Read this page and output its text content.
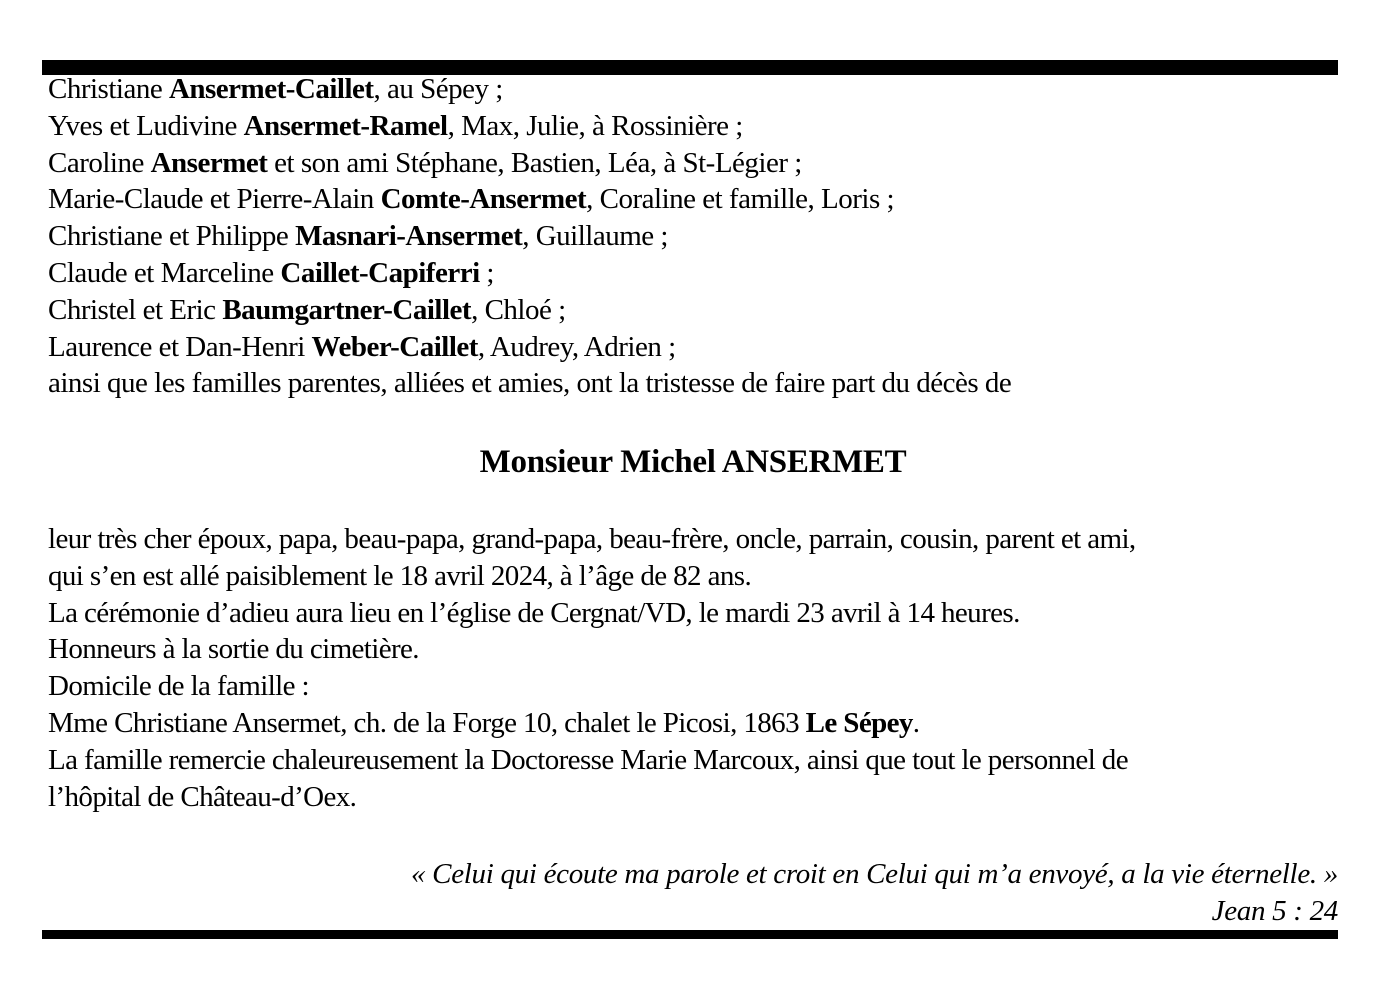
Christiane Ansermet-Caillet, au Sépey ;
Yves et Ludivine Ansermet-Ramel, Max, Julie, à Rossinière ;
Caroline Ansermet et son ami Stéphane, Bastien, Léa, à St-Légier ;
Marie-Claude et Pierre-Alain Comte-Ansermet, Coraline et famille, Loris ;
Christiane et Philippe Masnari-Ansermet, Guillaume ;
Claude et Marceline Caillet-Capiferri ;
Christel et Eric Baumgartner-Caillet, Chloé ;
Laurence et Dan-Henri Weber-Caillet, Audrey, Adrien ;
ainsi que les familles parentes, alliées et amies, ont la tristesse de faire part du décès de
Monsieur Michel ANSERMET
leur très cher époux, papa, beau-papa, grand-papa, beau-frère, oncle, parrain, cousin, parent et ami,
qui s’en est allé paisiblement le 18 avril 2024, à l’âge de 82 ans.
La cérémonie d’adieu aura lieu en l’église de Cergnat/VD, le mardi 23 avril à 14 heures.
Honneurs à la sortie du cimetière.
Domicile de la famille :
Mme Christiane Ansermet, ch. de la Forge 10, chalet le Picosi, 1863 Le Sépey.
La famille remercie chaleureusement la Doctoresse Marie Marcoux, ainsi que tout le personnel de
l’hôpital de Château-d’Oex.
« Celui qui écoute ma parole et croit en Celui qui m’a envoyé, a la vie éternelle. »
Jean 5 : 24
